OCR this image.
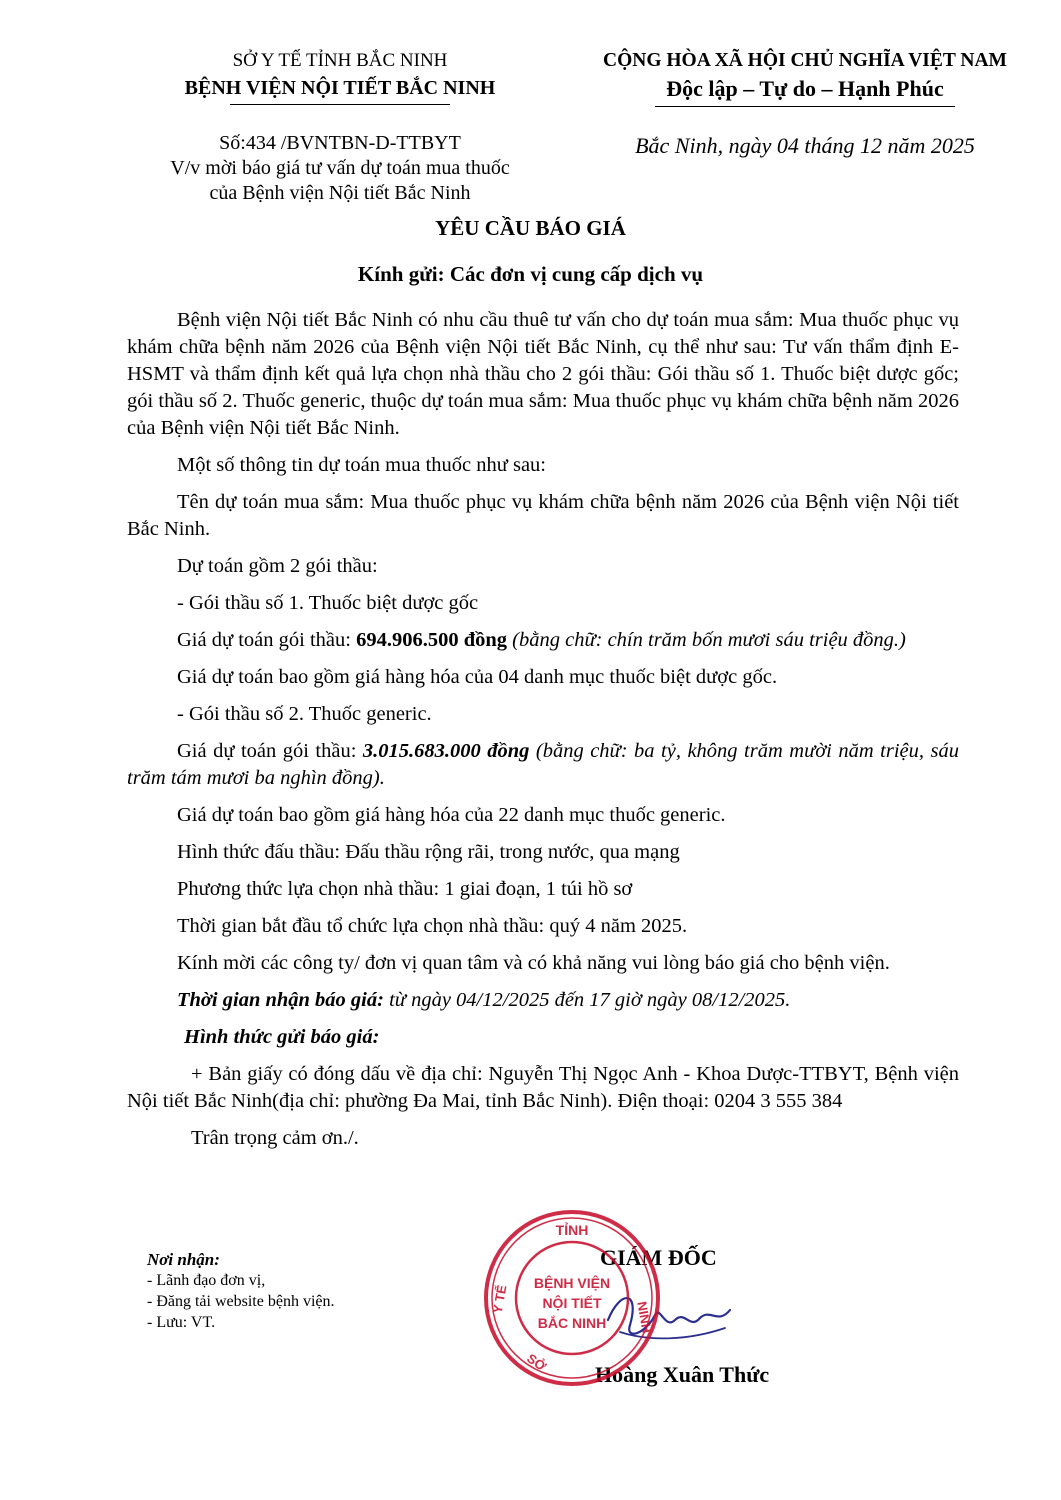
SỞ Y TẾ TỈNH BẮC NINH
BỆNH VIỆN NỘI TIẾT BẮC NINH
CỘNG HÒA XÃ HỘI CHỦ NGHĨA VIỆT NAM
Độc lập – Tự do – Hạnh Phúc
Số:434 /BVNTBN-D-TTBYT
V/v mời báo giá tư vấn dự toán mua thuốc
của Bệnh viện Nội tiết Bắc Ninh
Bắc Ninh, ngày 04 tháng 12 năm 2025
YÊU CẦU BÁO GIÁ
Kính gửi: Các đơn vị cung cấp dịch vụ

Bệnh viện Nội tiết Bắc Ninh có nhu cầu thuê tư vấn cho dự toán mua sắm: Mua thuốc phục vụ khám chữa bệnh năm 2026 của Bệnh viện Nội tiết Bắc Ninh, cụ thể như sau: Tư vấn thẩm định E-HSMT và thẩm định kết quả lựa chọn nhà thầu cho 2 gói thầu: Gói thầu số 1. Thuốc biệt dược gốc; gói thầu số 2. Thuốc generic, thuộc dự toán mua sắm: Mua thuốc phục vụ khám chữa bệnh năm 2026 của Bệnh viện Nội tiết Bắc Ninh.

Một số thông tin dự toán mua thuốc như sau:

Tên dự toán mua sắm: Mua thuốc phục vụ khám chữa bệnh năm 2026 của Bệnh viện Nội tiết Bắc Ninh.

Dự toán gồm 2 gói thầu:

- Gói thầu số 1. Thuốc biệt dược gốc

Giá dự toán gói thầu: 694.906.500 đồng (bằng chữ: chín trăm bốn mươi sáu triệu đồng.)

Giá dự toán bao gồm giá hàng hóa của 04 danh mục thuốc biệt dược gốc.

- Gói thầu số 2. Thuốc generic.

Giá dự toán gói thầu: 3.015.683.000 đồng (bằng chữ: ba tỷ, không trăm mười năm triệu, sáu trăm tám mươi ba nghìn đồng).

Giá dự toán bao gồm giá hàng hóa của 22 danh mục thuốc generic.

Hình thức đấu thầu: Đấu thầu rộng rãi, trong nước, qua mạng

Phương thức lựa chọn nhà thầu: 1 giai đoạn, 1 túi hồ sơ

Thời gian bắt đầu tổ chức lựa chọn nhà thầu: quý 4 năm 2025.

Kính mời các công ty/ đơn vị quan tâm và có khả năng vui lòng báo giá cho bệnh viện.

Thời gian nhận báo giá: từ ngày 04/12/2025 đến 17 giờ ngày 08/12/2025.

Hình thức gửi báo giá:

+ Bản giấy có đóng dấu về địa chỉ: Nguyễn Thị Ngọc Anh - Khoa Dược-TTBYT, Bệnh viện Nội tiết Bắc Ninh(địa chỉ: phường Đa Mai, tỉnh Bắc Ninh). Điện thoại: 0204 3 555 384

Trân trọng cảm ơn./.

Nơi nhận:
- Lãnh đạo đơn vị,
- Đăng tải website bệnh viện.
- Lưu: VT.
GIÁM ĐỐC
Hoàng Xuân Thức
TỈNH
Y TẾ
NINH
SỞ
BỆNH VIỆN
NỘI TIẾT
BẮC NINH
